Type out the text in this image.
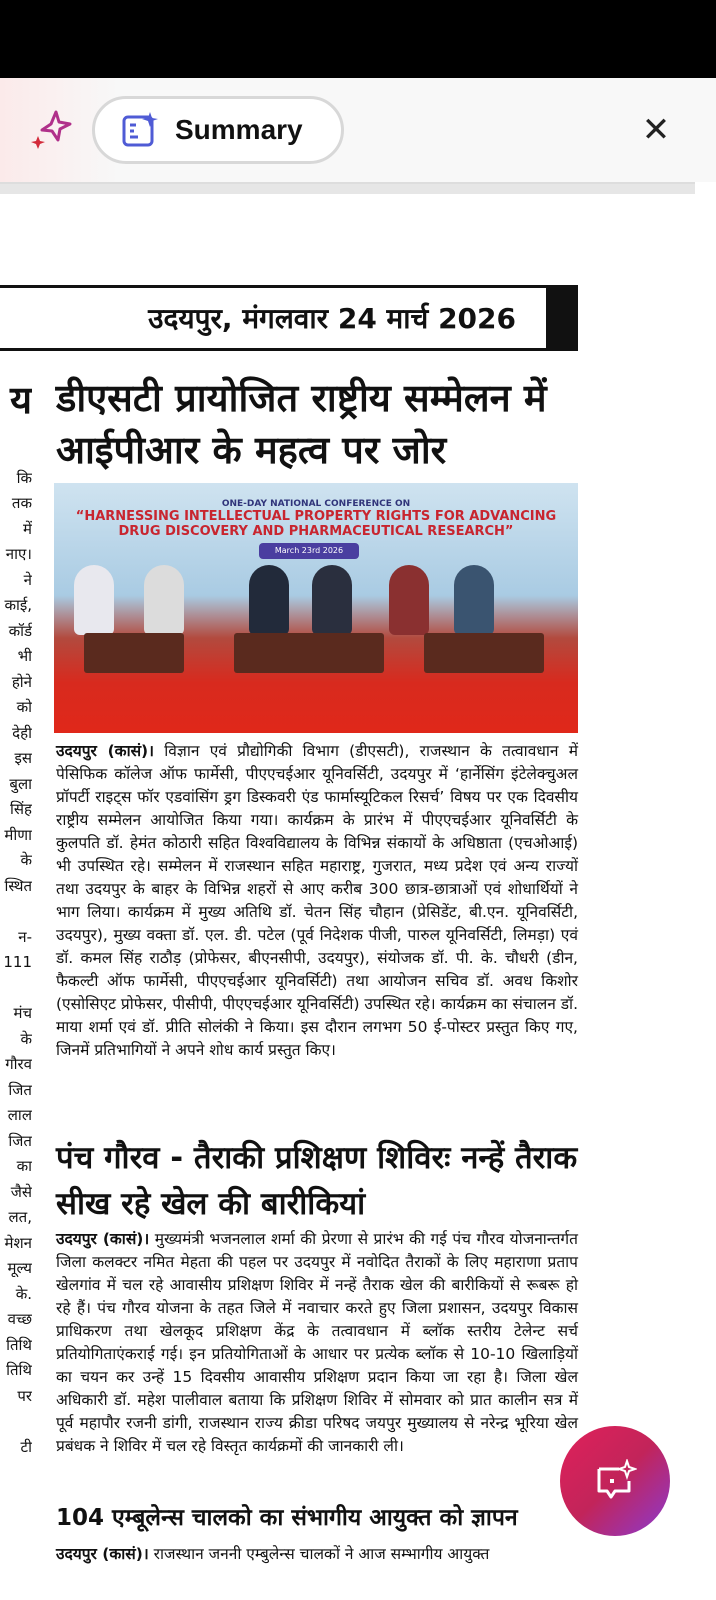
Summary	✕
उदयपुर, मंगलवार 24 मार्च 2026
य

कि
तक
में
नाए।
ने
काई,
कॉर्ड
भी
होने
को
देही
इस
बुला
सिंह
मीणा
के
स्थित

न-
111

मंच
के
गौरव
जित
लाल
जित
का
जैसे
लत,
मेशन
मूल्य
के.
वच्छ
तिथि
तिथि
पर

टी
डीएसटी प्रायोजित राष्ट्रीय सम्मेलन में आईपीआर के महत्व पर जोर
ONE-DAY NATIONAL CONFERENCE ON
“HARNESSING INTELLECTUAL PROPERTY RIGHTS FOR ADVANCING DRUG DISCOVERY AND PHARMACEUTICAL RESEARCH”
March 23rd 2026
उदयपुर (कासं)। विज्ञान एवं प्रौद्योगिकी विभाग (डीएसटी), राजस्थान के तत्वावधान में पेसिफिक कॉलेज ऑफ फार्मेसी, पीएएचईआर यूनिवर्सिटी, उदयपुर में ‘हार्नेसिंग इंटेलेक्चुअल प्रॉपर्टी राइट्स फॉर एडवांसिंग ड्रग डिस्कवरी एंड फार्मास्यूटिकल रिसर्च’ विषय पर एक दिवसीय राष्ट्रीय सम्मेलन आयोजित किया गया। कार्यक्रम के प्रारंभ में पीएएचईआर यूनिवर्सिटी के कुलपति डॉ. हेमंत कोठारी सहित विश्वविद्यालय के विभिन्न संकायों के अधिष्ठाता (एचओआई) भी उपस्थित रहे। सम्मेलन में राजस्थान सहित महाराष्ट्र, गुजरात, मध्य प्रदेश एवं अन्य राज्यों तथा उदयपुर के बाहर के विभिन्न शहरों से आए करीब 300 छात्र-छात्राओं एवं शोधार्थियों ने भाग लिया। कार्यक्रम में मुख्य अतिथि डॉ. चेतन सिंह चौहान (प्रेसिडेंट, बी.एन. यूनिवर्सिटी, उदयपुर), मुख्य वक्ता डॉ. एल. डी. पटेल (पूर्व निदेशक पीजी, पारुल यूनिवर्सिटी, लिमड़ा) एवं डॉ. कमल सिंह राठौड़ (प्रोफेसर, बीएनसीपी, उदयपुर), संयोजक डॉ. पी. के. चौधरी (डीन, फैकल्टी ऑफ फार्मेसी, पीएएचईआर यूनिवर्सिटी) तथा आयोजन सचिव डॉ. अवध किशोर (एसोसिएट प्रोफेसर, पीसीपी, पीएएचईआर यूनिवर्सिटी) उपस्थित रहे। कार्यक्रम का संचालन डॉ. माया शर्मा एवं डॉ. प्रीति सोलंकी ने किया। इस दौरान लगभग 50 ई-पोस्टर प्रस्तुत किए गए, जिनमें प्रतिभागियों ने अपने शोध कार्य प्रस्तुत किए।
पंच गौरव - तैराकी प्रशिक्षण शिविरः नन्हें तैराक सीख रहे खेल की बारीकियां
उदयपुर (कासं)। मुख्यमंत्री भजनलाल शर्मा की प्रेरणा से प्रारंभ की गई पंच गौरव योजनान्तर्गत जिला कलक्टर नमित मेहता की पहल पर उदयपुर में नवोदित तैराकों के लिए महाराणा प्रताप खेलगांव में चल रहे आवासीय प्रशिक्षण शिविर में नन्हें तैराक खेल की बारीकियों से रूबरू हो रहे हैं। पंच गौरव योजना के तहत जिले में नवाचार करते हुए जिला प्रशासन, उदयपुर विकास प्राधिकरण तथा खेलकूद प्रशिक्षण केंद्र के तत्वावधान में ब्लॉक स्तरीय टेलेन्ट सर्च प्रतियोगिताएंकराई गई। इन प्रतियोगिताओं के आधार पर प्रत्येक ब्लॉक से 10-10 खिलाड़ियों का चयन कर उन्हें 15 दिवसीय आवासीय प्रशिक्षण प्रदान किया जा रहा है। जिला खेल अधिकारी डॉ. महेश पालीवाल बताया कि प्रशिक्षण शिविर में सोमवार को प्रात कालीन सत्र में पूर्व महापौर रजनी डांगी, राजस्थान राज्य क्रीडा परिषद जयपुर मुख्यालय से नरेन्द्र भूरिया खेल प्रबंधक ने शिविर में चल रहे विस्तृत कार्यक्रमों की जानकारी ली।
104 एम्बूलेन्स चालको का संभागीय आयुक्त को ज्ञापन
उदयपुर (कासं)। राजस्थान जननी एम्बुलेन्स चालकों ने आज सम्भागीय आयुक्त
